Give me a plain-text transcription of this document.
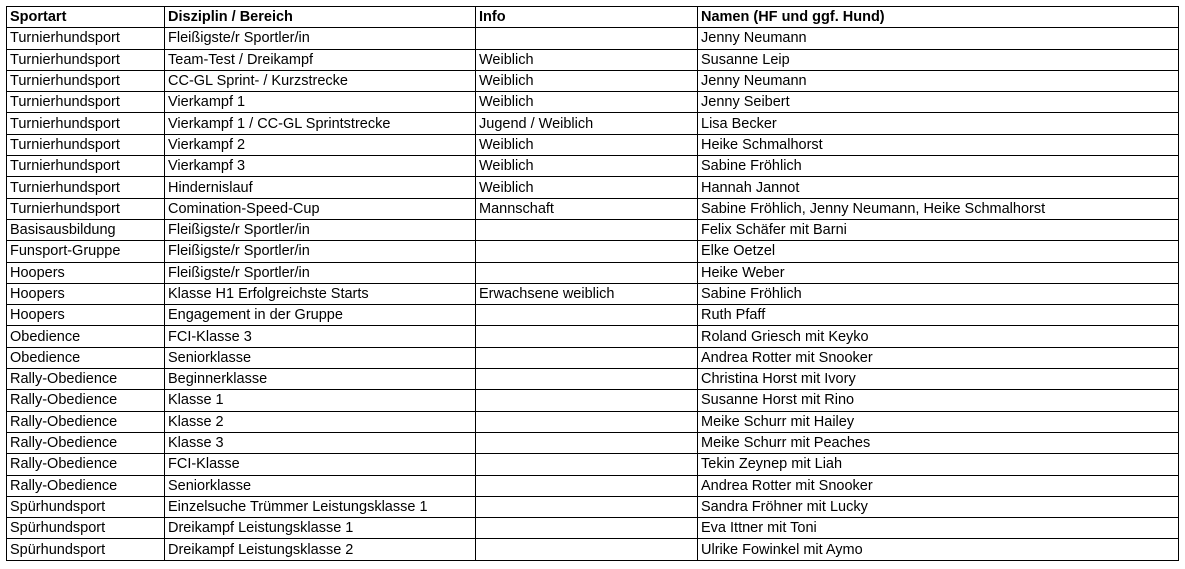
Sportart	Disziplin / Bereich	Info	Namen (HF und ggf. Hund)
Turnierhundsport	Fleißigste/r Sportler/in		Jenny Neumann
Turnierhundsport	Team-Test / Dreikampf	Weiblich	Susanne Leip
Turnierhundsport	CC-GL Sprint- / Kurzstrecke	Weiblich	Jenny Neumann
Turnierhundsport	Vierkampf 1	Weiblich	Jenny Seibert
Turnierhundsport	Vierkampf 1 / CC-GL Sprintstrecke	Jugend / Weiblich	Lisa Becker
Turnierhundsport	Vierkampf 2	Weiblich	Heike Schmalhorst
Turnierhundsport	Vierkampf 3	Weiblich	Sabine Fröhlich
Turnierhundsport	Hindernislauf	Weiblich	Hannah Jannot
Turnierhundsport	Comination-Speed-Cup	Mannschaft	Sabine Fröhlich, Jenny Neumann, Heike Schmalhorst
Basisausbildung	Fleißigste/r Sportler/in		Felix Schäfer mit Barni
Funsport-Gruppe	Fleißigste/r Sportler/in		Elke Oetzel
Hoopers	Fleißigste/r Sportler/in		Heike Weber
Hoopers	Klasse H1 Erfolgreichste Starts	Erwachsene weiblich	Sabine Fröhlich
Hoopers	Engagement in der Gruppe		Ruth Pfaff
Obedience	FCI-Klasse 3		Roland Griesch mit Keyko
Obedience	Seniorklasse		Andrea Rotter mit Snooker
Rally-Obedience	Beginnerklasse		Christina Horst mit Ivory
Rally-Obedience	Klasse 1		Susanne Horst mit Rino
Rally-Obedience	Klasse 2		Meike Schurr mit Hailey
Rally-Obedience	Klasse 3		Meike Schurr mit Peaches
Rally-Obedience	FCI-Klasse		Tekin Zeynep mit Liah
Rally-Obedience	Seniorklasse		Andrea Rotter mit Snooker
Spürhundsport	Einzelsuche Trümmer Leistungsklasse 1		Sandra Fröhner mit Lucky
Spürhundsport	Dreikampf Leistungsklasse 1		Eva Ittner mit Toni
Spürhundsport	Dreikampf Leistungsklasse 2		Ulrike Fowinkel mit Aymo
